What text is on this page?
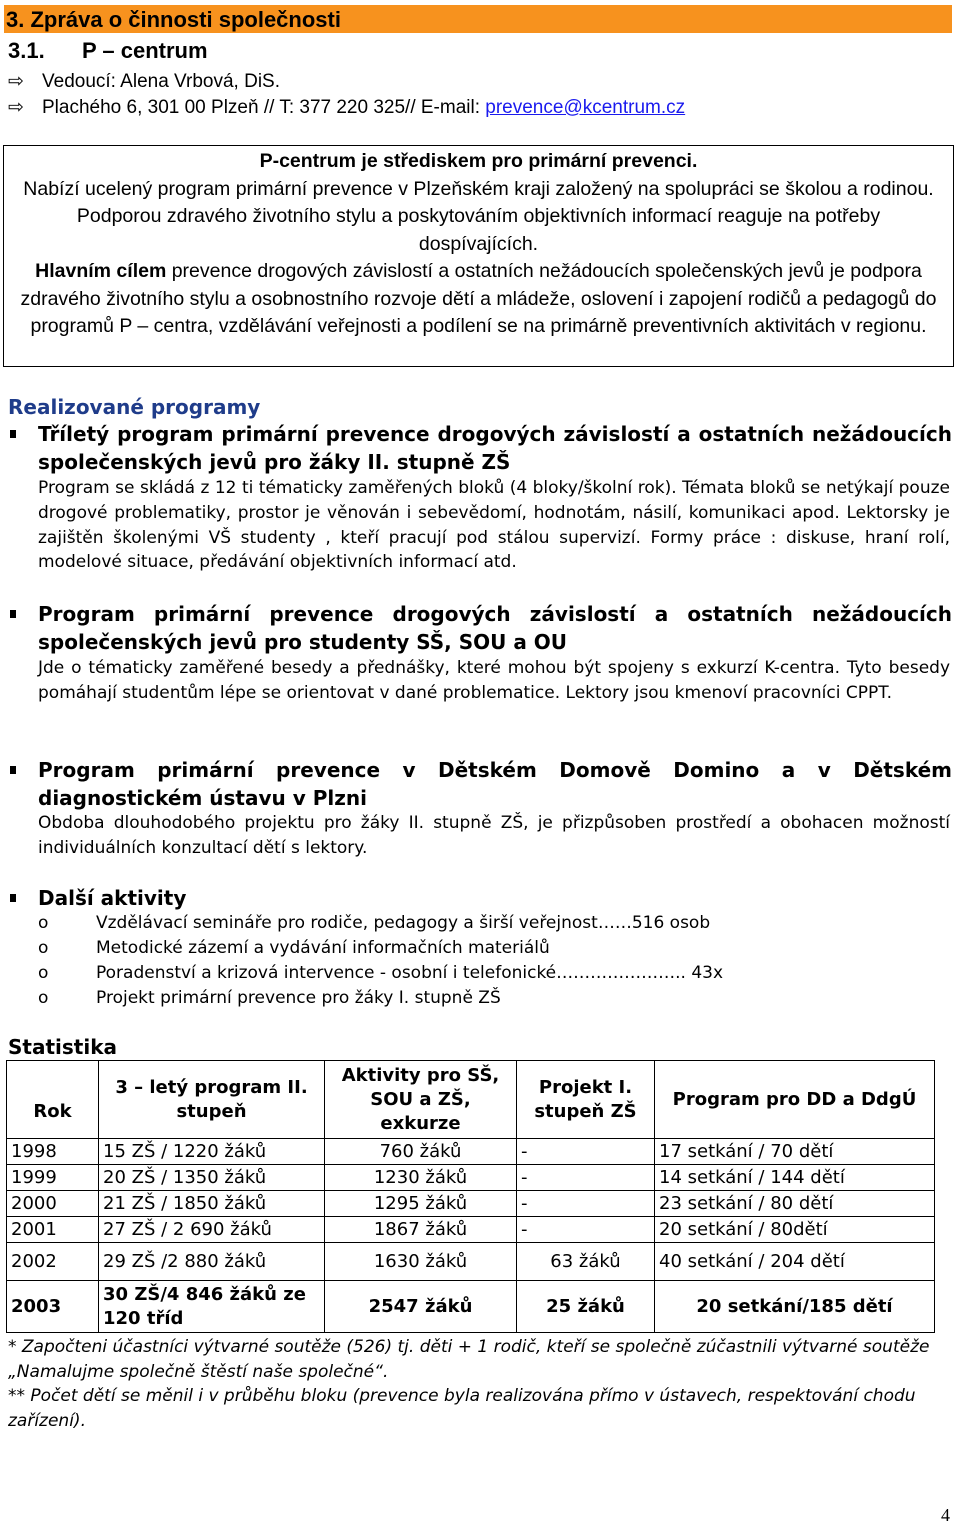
3. Zpráva o činnosti společnosti
3.1. P – centrum
⇨ Vedoucí: Alena Vrbová, DiS.
⇨ Plachého 6, 301 00 Plzeň // T: 377 220 325// E-mail: prevence@kcentrum.cz

P-centrum je střediskem pro primární prevenci.

Nabízí ucelený program primární prevence v Plzeňském kraji založený na spolupráci se školou a rodinou. Podporou zdravého životního stylu a poskytováním objektivních informací reaguje na potřeby dospívajících.

Hlavním cílem prevence drogových závislostí a ostatních nežádoucích společenských jevů je podpora zdravého životního stylu a osobnostního rozvoje dětí a mládeže, oslovení i zapojení rodičů a pedagogů do programů P – centra, vzdělávání veřejnosti a podílení se na primárně preventivních aktivitách v regionu.

Realizované programy
Tříletý program primární prevence drogových závislostí a ostatních nežádoucích společenských jevů pro žáky II. stupně ZŠ
Program se skládá z 12 ti tématicky zaměřených bloků (4 bloky/školní rok). Témata bloků se netýkají pouze drogové problematiky, prostor je věnován i sebevědomí, hodnotám, násilí, komunikaci apod. Lektorsky je zajištěn školenými VŠ studenty , kteří pracují pod stálou supervizí. Formy práce : diskuse, hraní rolí, modelové situace, předávání objektivních informací atd.
Program primární prevence drogových závislostí a ostatních nežádoucích společenských jevů pro studenty SŠ, SOU a OU
Jde o tématicky zaměřené besedy a přednášky, které mohou být spojeny s exkurzí K-centra. Tyto besedy pomáhají studentům lépe se orientovat v dané problematice. Lektory jsou kmenoví pracovníci CPPT.
Program primární prevence v Dětském Domově Domino a v Dětském diagnostickém ústavu v Plzni
Obdoba dlouhodobého projektu pro žáky II. stupně ZŠ, je přizpůsoben prostředí a obohacen možností individuálních konzultací dětí s lektory.
Další aktivity
o	Vzdělávací semináře pro rodiče, pedagogy a širší veřejnost……516 osob
o	Metodické zázemí a vydávání informačních materiálů
o	Poradenství a krizová intervence - osobní i telefonické………………….. 43x
o	Projekt primární prevence pro žáky I. stupně ZŠ
Statistika
Rok	3 – letý program II. stupeň	Aktivity pro SŠ, SOU a ZŠ, exkurze	Projekt I. stupeň ZŠ	Program pro DD a DdgÚ
1998	15 ZŠ / 1220 žáků	760 žáků	-	17 setkání / 70 dětí
1999	20 ZŠ / 1350 žáků	1230 žáků	-	14 setkání / 144 dětí
2000	21 ZŠ / 1850 žáků	1295 žáků	-	23 setkání / 80 dětí
2001	27 ZŠ / 2 690 žáků	1867 žáků	-	20 setkání / 80dětí
2002	29 ZŠ /2 880 žáků	1630 žáků	63 žáků	40 setkání / 204 dětí
2003	30 ZŠ/4 846 žáků ze 120 tříd	2547 žáků	25 žáků	20 setkání/185 dětí
* Započteni účastníci výtvarné soutěže (526) tj. děti + 1 rodič, kteří se společně zúčastnili výtvarné soutěže „Namalujme společně štěstí naše společné“.
** Počet dětí se měnil i v průběhu bloku (prevence byla realizována přímo v ústavech, respektování chodu zařízení).
4
